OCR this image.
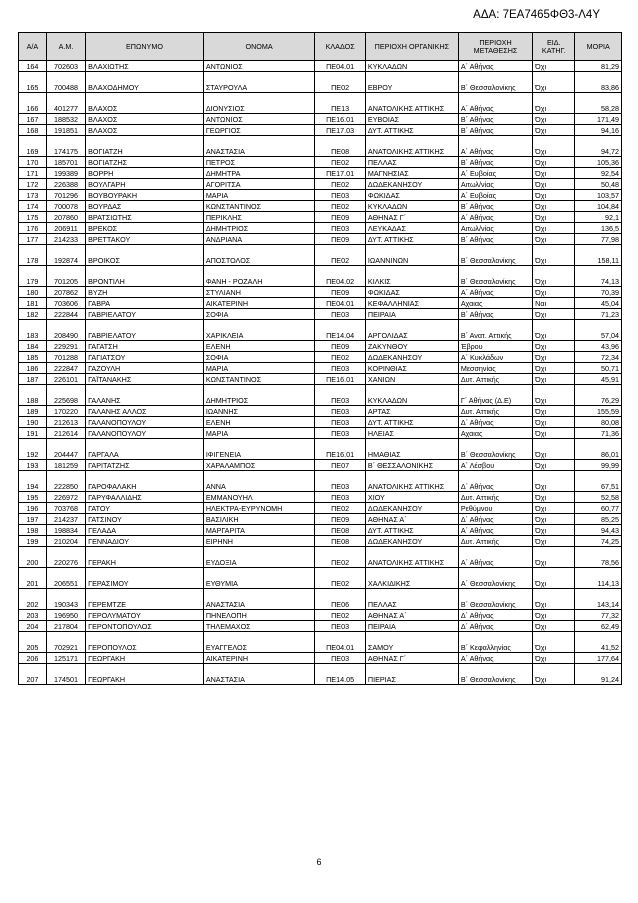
ΑΔΑ: 7ΕΑ7465ΦΘ3-Λ4Υ
Α/Α	Α.Μ.	ΕΠΩΝΥΜΟ	ΟΝΟΜΑ	ΚΛΑΔΟΣ	ΠΕΡΙΟΧΗ ΟΡΓΑΝΙΚΗΣ	ΠΕΡΙΟΧΗ ΜΕΤΑΘΕΣΗΣ	ΕΙΔ. ΚΑΤΗΓ.	ΜΟΡΙΑ
164	702603	ΒΛΑΧΙΩΤΗΣ	ΑΝΤΩΝΙΟΣ	ΠΕ04.01	ΚΥΚΛΑΔΩΝ	Α΄ Αθήνας	Όχι	81,29
165	700488	ΒΛΑΧΟΔΗΜΟΥ	ΣΤΑΥΡΟΥΛΑ	ΠΕ02	ΕΒΡΟΥ	Β΄ Θεσσαλονίκης	Όχι	83,86
166	401277	ΒΛΑΧΟΣ	ΔΙΟΝΥΣΙΟΣ	ΠΕ13	ΑΝΑΤΟΛΙΚΗΣ ΑΤΤΙΚΗΣ	Α΄ Αθήνας	Όχι	58,28
167	188532	ΒΛΑΧΟΣ	ΑΝΤΩΝΙΟΣ	ΠΕ16.01	ΕΥΒΟΙΑΣ	Β΄ Αθήνας	Όχι	171,49
168	191851	ΒΛΑΧΟΣ	ΓΕΩΡΓΙΟΣ	ΠΕ17.03	ΔΥΤ. ΑΤΤΙΚΗΣ	Β΄ Αθήνας	Όχι	94,16
169	174175	ΒΟΓΙΑΤΖΗ	ΑΝΑΣΤΑΣΙΑ	ΠΕ08	ΑΝΑΤΟΛΙΚΗΣ ΑΤΤΙΚΗΣ	Α΄ Αθήνας	Όχι	94,72
170	185701	ΒΟΓΙΑΤΖΗΣ	ΠΕΤΡΟΣ	ΠΕ02	ΠΕΛΛΑΣ	Β΄ Αθήνας	Όχι	105,36
171	199389	ΒΟΡΡΗ	ΔΗΜΗΤΡΑ	ΠΕ17.01	ΜΑΓΝΗΣΙΑΣ	Α΄ Ευβοίας	Όχι	92,54
172	226388	ΒΟΥΛΓΑΡΗ	ΑΓΟΡΙΤΣΑ	ΠΕ02	ΔΩΔΕΚΑΝΗΣΟΥ	Αιτωλ/νίας	Όχι	50,48
173	701296	ΒΟΥΒΟΥΡΑΚΗ	ΜΑΡΙΑ	ΠΕ03	ΦΩΚΙΔΑΣ	Α΄ Ευβοίας	Όχι	103,57
174	700078	ΒΟΥΡΔΑΣ	ΚΩΝΣΤΑΝΤΙΝΟΣ	ΠΕ02	ΚΥΚΛΑΔΩΝ	Β΄ Αθήνας	Όχι	104,84
175	207860	ΒΡΑΤΣΙΩΤΗΣ	ΠΕΡΙΚΛΗΣ	ΠΕ09	ΑΘΗΝΑΣ Γ΄	Α΄ Αθήνας	Όχι	92,1
176	206911	ΒΡΕΚΟΣ	ΔΗΜΗΤΡΙΟΣ	ΠΕ03	ΛΕΥΚΑΔΑΣ	Αιτωλ/νίας	Όχι	136,5
177	214233	ΒΡΕΤΤΑΚΟΥ	ΑΝΔΡΙΑΝΑ	ΠΕ09	ΔΥΤ. ΑΤΤΙΚΗΣ	Β΄ Αθήνας	Όχι	77,98
178	192874	ΒΡΟΙΚΟΣ	ΑΠΟΣΤΟΛΟΣ	ΠΕ02	ΙΩΑΝΝΙΝΩΝ	Β΄ Θεσσαλονίκης	Όχι	158,11
179	701205	ΒΡΟΝΤΙΛΗ	ΦΑΝΗ - ΡΟΖΑΛΗ	ΠΕ04.02	ΚΙΛΚΙΣ	Β΄ Θεσσαλονίκης	Όχι	74,13
180	207862	ΒΥΖΗ	ΣΤΥΛΙΑΝΗ	ΠΕ09	ΦΩΚΙΔΑΣ	Α΄ Αθήνας	Όχι	70,39
181	703606	ΓΑΒΡΑ	ΑΙΚΑΤΕΡΙΝΗ	ΠΕ04.01	ΚΕΦΑΛΛΗΝΙΑΣ	Αχαιας	Ναι	45,04
182	222844	ΓΑΒΡΙΕΛΑΤΟΥ	ΣΟΦΙΑ	ΠΕ03	ΠΕΙΡΑΙΑ	Β΄ Αθήνας	Όχι	71,23
183	208490	ΓΑΒΡΙΕΛΑΤΟΥ	ΧΑΡΙΚΛΕΙΑ	ΠΕ14.04	ΑΡΓΟΛΙΔΑΣ	Β΄ Ανατ. Αττικής	Όχι	57,04
184	229291	ΓΑΓΑΤΣΗ	ΕΛΕΝΗ	ΠΕ09	ΖΑΚΥΝΘΟΥ	Έβρου	Όχι	43,96
185	701288	ΓΑΓΙΑΤΣΟΥ	ΣΟΦΙΑ	ΠΕ02	ΔΩΔΕΚΑΝΗΣΟΥ	Α΄ Κυκλάδων	Όχι	72,34
186	222847	ΓΑΖΟΥΛΗ	ΜΑΡΙΑ	ΠΕ03	ΚΟΡΙΝΘΙΑΣ	Μεσσηνίας	Όχι	50,71
187	226101	ΓΑΪΤΑΝΑΚΗΣ	ΚΩΝΣΤΑΝΤΙΝΟΣ	ΠΕ16.01	ΧΑΝΙΩΝ	Δυτ. Αττικής	Όχι	45,91
188	225698	ΓΑΛΑΝΗΣ	ΔΗΜΗΤΡΙΟΣ	ΠΕ03	ΚΥΚΛΑΔΩΝ	Γ΄ Αθήνας (Δ.Ε)	Όχι	76,29
189	170220	ΓΑΛΑΝΗΣ ΑΛΛΟΣ	ΙΩΑΝΝΗΣ	ΠΕ03	ΑΡΤΑΣ	Δυτ. Αττικής	Όχι	155,59
190	212613	ΓΑΛΑΝΟΠΟΥΛΟΥ	ΕΛΕΝΗ	ΠΕ03	ΔΥΤ. ΑΤΤΙΚΗΣ	Δ΄ Αθήνας	Όχι	80,08
191	212614	ΓΑΛΑΝΟΠΟΥΛΟΥ	ΜΑΡΙΑ	ΠΕ03	ΗΛΕΙΑΣ	Αχαιας	Όχι	71,36
192	204447	ΓΑΡΓΑΛΑ	ΙΦΙΓΕΝΕΙΑ	ΠΕ16.01	ΗΜΑΘΙΑΣ	Β΄ Θεσσαλονίκης	Όχι	86,01
193	181259	ΓΑΡΙΤΑΤΖΗΣ	ΧΑΡΑΛΑΜΠΟΣ	ΠΕ07	Β΄ ΘΕΣΣΑΛΟΝΙΚΗΣ	Α΄ Λέσβου	Όχι	99,99
194	222850	ΓΑΡΟΦΑΛΑΚΗ	ΑΝΝΑ	ΠΕ03	ΑΝΑΤΟΛΙΚΗΣ ΑΤΤΙΚΗΣ	Δ΄ Αθήνας	Όχι	67,51
195	226972	ΓΑΡΥΦΑΛΛΙΔΗΣ	ΕΜΜΑΝΟΥΗΛ	ΠΕ03	ΧΙΟΥ	Δυτ. Αττικής	Όχι	52,58
196	703768	ΓΑΤΟΥ	ΗΛΕΚΤΡΑ-ΕΥΡΥΝΟΜΗ	ΠΕ02	ΔΩΔΕΚΑΝΗΣΟΥ	Ρεθύμνου	Όχι	60,77
197	214237	ΓΑΤΣΙΝΟΥ	ΒΑΣΙΛΙΚΗ	ΠΕ09	ΑΘΗΝΑΣ Α΄	Δ΄ Αθήνας	Όχι	85,25
198	198834	ΓΕΛΑΔΑ	ΜΑΡΓΑΡΙΤΑ	ΠΕ08	ΔΥΤ. ΑΤΤΙΚΗΣ	Α΄ Αθήνας	Όχι	94,43
199	210204	ΓΕΝΝΑΔΙΟΥ	ΕΙΡΗΝΗ	ΠΕ08	ΔΩΔΕΚΑΝΗΣΟΥ	Δυτ. Αττικής	Όχι	74,25
200	220276	ΓΕΡΑΚΗ	ΕΥΔΟΞΙΑ	ΠΕ02	ΑΝΑΤΟΛΙΚΗΣ ΑΤΤΙΚΗΣ	Α΄ Αθήνας	Όχι	78,56
201	206551	ΓΕΡΑΣΙΜΟΥ	ΕΥΘΥΜΙΑ	ΠΕ02	ΧΑΛΚΙΔΙΚΗΣ	Α΄ Θεσσαλονίκης	Όχι	114,13
202	190343	ΓΕΡΕΜΤΖΕ	ΑΝΑΣΤΑΣΙΑ	ΠΕ06	ΠΕΛΛΑΣ	Β΄ Θεσσαλονίκης	Όχι	143,14
203	196950	ΓΕΡΟΛΥΜΑΤΟΥ	ΠΗΝΕΛΟΠΗ	ΠΕ02	ΑΘΗΝΑΣ Α΄	Δ΄ Αθήνας	Όχι	77,32
204	217804	ΓΕΡΟΝΤΟΠΟΥΛΟΣ	ΤΗΛΕΜΑΧΟΣ	ΠΕ03	ΠΕΙΡΑΙΑ	Δ΄ Αθήνας	Όχι	62,49
205	702921	ΓΕΡΟΠΟΥΛΟΣ	ΕΥΑΓΓΕΛΟΣ	ΠΕ04.01	ΣΑΜΟΥ	Β΄ Κεφαλληνίας	Όχι	41,52
206	125171	ΓΕΩΡΓΑΚΗ	ΑΙΚΑΤΕΡΙΝΗ	ΠΕ03	ΑΘΗΝΑΣ Γ΄	Α΄ Αθήνας	Όχι	177,64
207	174501	ΓΕΩΡΓΑΚΗ	ΑΝΑΣΤΑΣΙΑ	ΠΕ14.05	ΠΙΕΡΙΑΣ	Β΄ Θεσσαλονίκης	Όχι	91,24
6
